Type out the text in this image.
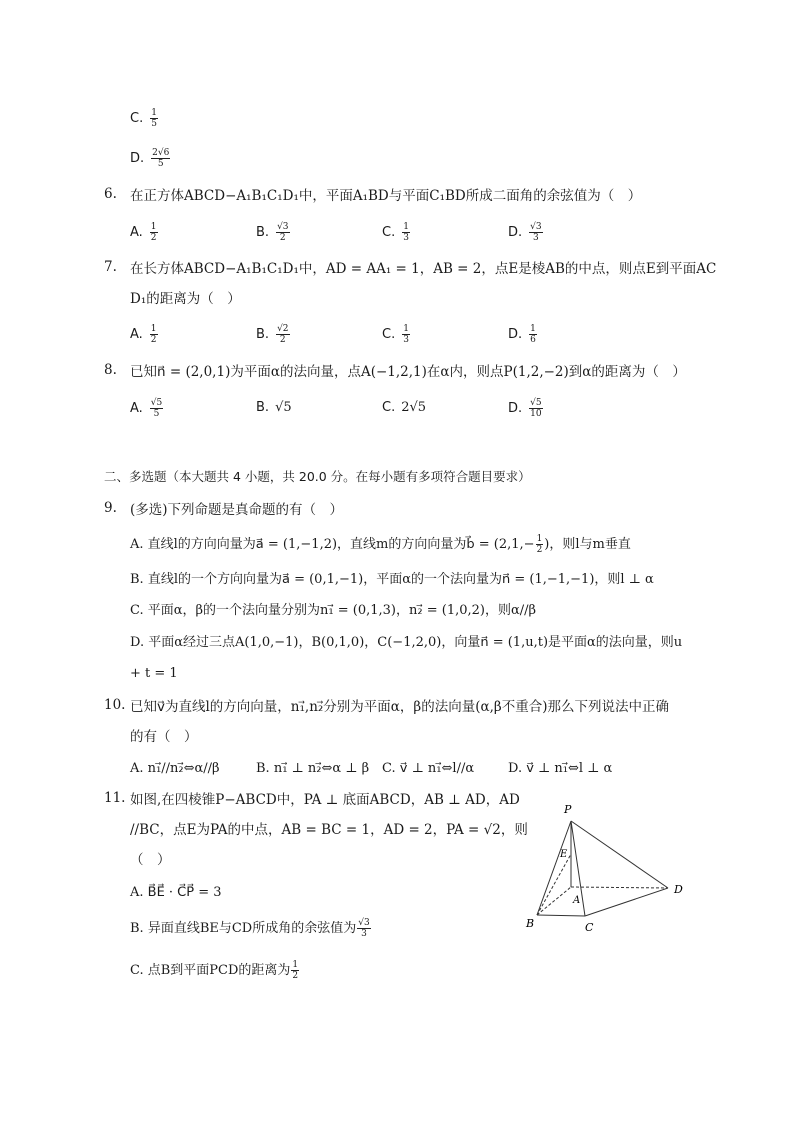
C. $\frac{1}{5}$
D. $\frac{2√6}{5}$
6. 在正方体ABCD−A₁B₁C₁D₁中，平面A₁BD与平面C₁BD所成二面角的余弦值为（　）
A. $\frac{1}{2}$	B. $\frac{√3}{2}$	C. $\frac{1}{3}$	D. $\frac{√3}{3}$
7. 在长方体ABCD−A₁B₁C₁D₁中，AD = AA₁ = 1，AB = 2，点E是棱AB的中点，则点E到平面AC
D₁的距离为（　）
A. $\frac{1}{2}$	B. $\frac{√2}{2}$	C. $\frac{1}{3}$	D. $\frac{1}{6}$
8. 已知n⃗ = (2,0,1)为平面α的法向量，点A(−1,2,1)在α内，则点P(1,2,−2)到α的距离为（　）
A. $\frac{√5}{5}$	B. √5	C. 2√5	D. $\frac{√5}{10}$
二、多选题（本大题共 4 小题，共 20.0 分。在每小题有多项符合题目要求）
9. (多选)下列命题是真命题的有（　）
A. 直线l的方向向量为a⃗ = (1,−1,2)，直线m的方向向量为b⃗ = ($2,1,- \frac{1}{2}$ )，则l与m垂直
B. 直线l的一个方向向量为a⃗ = (0,1,−1)，平面α的一个法向量为n⃗ = (1,−1,−1)，则l ⊥ α
C. 平面α，β的一个法向量分别为n₁⃗ = (0,1,3)，n₂⃗ = (1,0,2)，则α//β
D. 平面α经过三点A(1,0,−1)，B(0,1,0)，C(−1,2,0)，向量n⃗ = (1,u,t)是平面α的法向量，则u
+ t = 1
10. 已知v⃗为直线l的方向向量，n₁⃗,n₂⃗分别为平面α，β的法向量(α,β不重合)那么下列说法中正确
的有（　）
A. n₁⃗//n₂⃗⇔α//β	B. n₁⃗ ⊥ n₂⃗⇔α ⊥ β C. v⃗ ⊥ n₁⃗⇔l//α	D. v⃗ ⊥ n₁⃗⇔l ⊥ α
11. 如图,在四棱锥P−ABCD中，PA ⊥ 底面ABCD，AB ⊥ AD，AD
//BC，点E为PA的中点，AB = BC = 1，AD = 2，PA = √2，则
（　）
A. B⃗E⃗ · C⃗P⃗ = 3
B. 异面直线BE与CD所成角的余弦值为 $\frac{√3}{3}$
C. 点B到平面PCD的距离为 $\frac{1}{2}$
P
E
A
B	C
D
